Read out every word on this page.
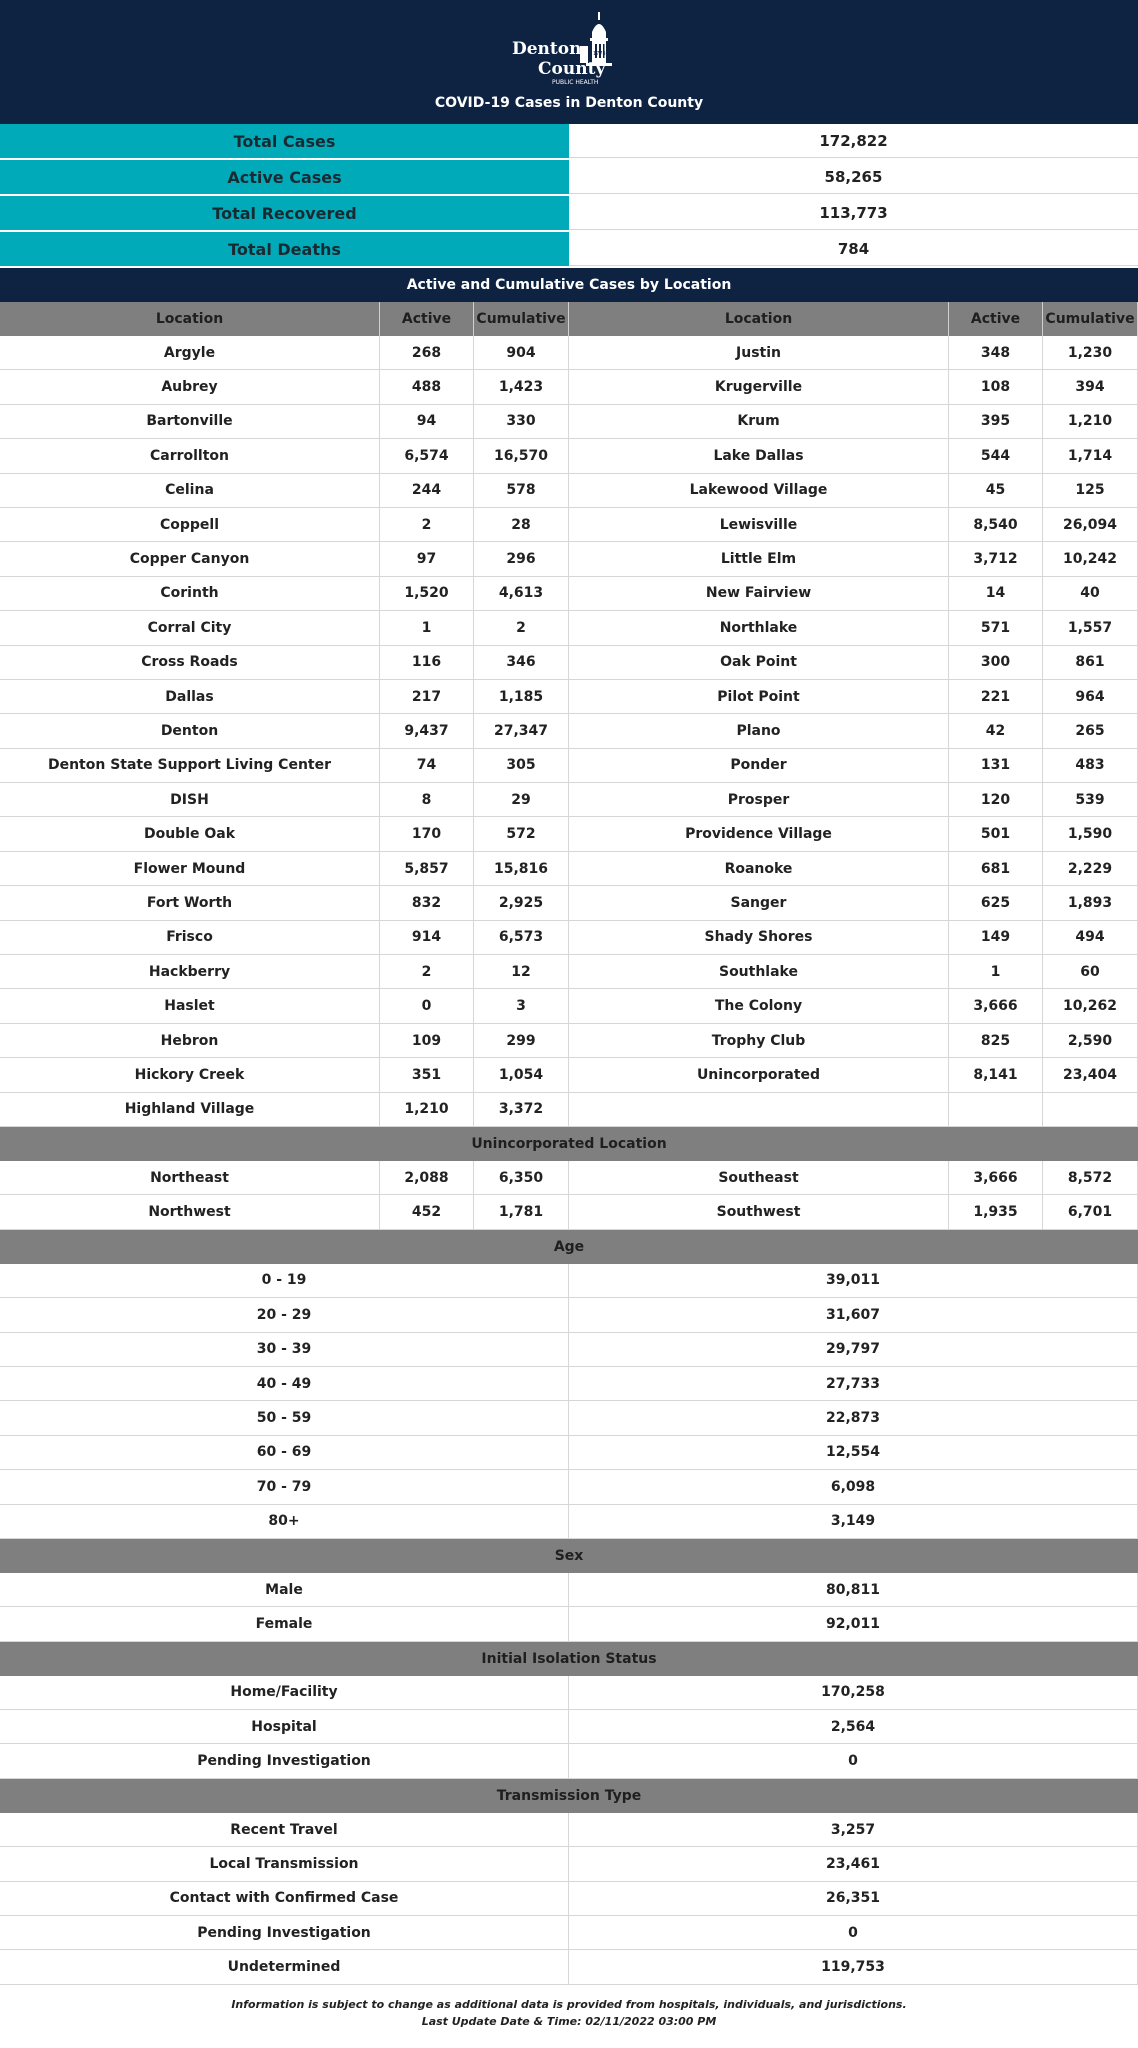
1773
Denton
County
PUBLIC HEALTH
COVID-19 Cases in Denton County
Total Cases	172,822
Active Cases	58,265
Total Recovered	113,773
Total Deaths	784
Active and Cumulative Cases by Location
Location	Active	Cumulative	Location	Active	Cumulative
Argyle	268	904	Justin	348	1,230
Aubrey	488	1,423	Krugerville	108	394
Bartonville	94	330	Krum	395	1,210
Carrollton	6,574	16,570	Lake Dallas	544	1,714
Celina	244	578	Lakewood Village	45	125
Coppell	2	28	Lewisville	8,540	26,094
Copper Canyon	97	296	Little Elm	3,712	10,242
Corinth	1,520	4,613	New Fairview	14	40
Corral City	1	2	Northlake	571	1,557
Cross Roads	116	346	Oak Point	300	861
Dallas	217	1,185	Pilot Point	221	964
Denton	9,437	27,347	Plano	42	265
Denton State Support Living Center	74	305	Ponder	131	483
DISH	8	29	Prosper	120	539
Double Oak	170	572	Providence Village	501	1,590
Flower Mound	5,857	15,816	Roanoke	681	2,229
Fort Worth	832	2,925	Sanger	625	1,893
Frisco	914	6,573	Shady Shores	149	494
Hackberry	2	12	Southlake	1	60
Haslet	0	3	The Colony	3,666	10,262
Hebron	109	299	Trophy Club	825	2,590
Hickory Creek	351	1,054	Unincorporated	8,141	23,404
Highland Village	1,210	3,372
Unincorporated Location
Northeast	2,088	6,350	Southeast	3,666	8,572
Northwest	452	1,781	Southwest	1,935	6,701
Age
0 - 19	39,011
20 - 29	31,607
30 - 39	29,797
40 - 49	27,733
50 - 59	22,873
60 - 69	12,554
70 - 79	6,098
80+	3,149
Sex
Male	80,811
Female	92,011
Initial Isolation Status
Home/Facility	170,258
Hospital	2,564
Pending Investigation	0
Transmission Type
Recent Travel	3,257
Local Transmission	23,461
Contact with Confirmed Case	26,351
Pending Investigation	0
Undetermined	119,753
Information is subject to change as additional data is provided from hospitals, individuals, and jurisdictions.
Last Update Date & Time: 02/11/2022 03:00 PM
